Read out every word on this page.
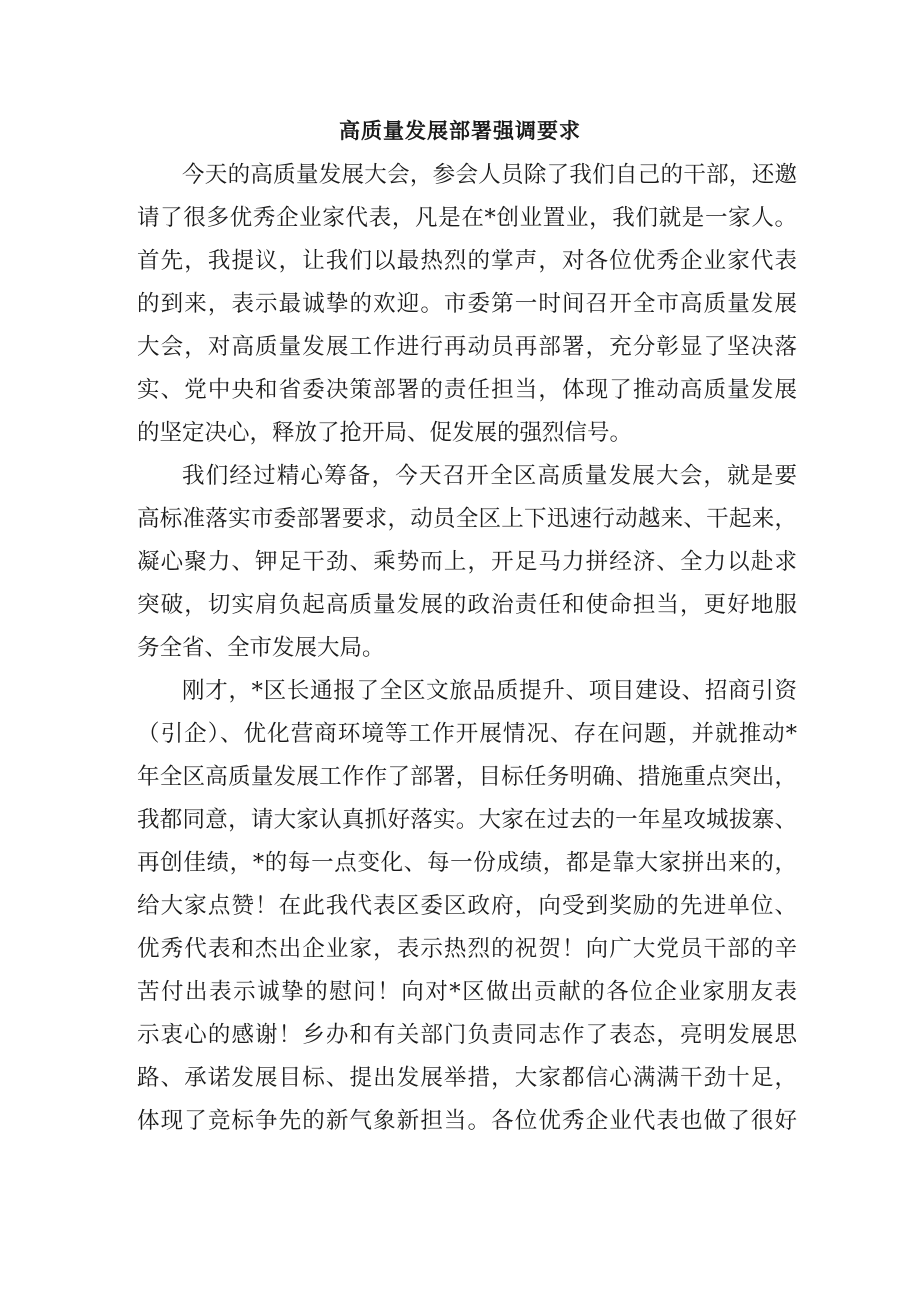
高质量发展部署强调要求
今天的高质量发展大会，参会人员除了我们自己的干部，还邀
请了很多优秀企业家代表，凡是在*创业置业，我们就是一家人。
首先，我提议，让我们以最热烈的掌声，对各位优秀企业家代表
的到来，表示最诚挚的欢迎。市委第一时间召开全市高质量发展
大会，对高质量发展工作进行再动员再部署，充分彰显了坚决落
实、党中央和省委决策部署的责任担当，体现了推动高质量发展
的坚定决心，释放了抢开局、促发展的强烈信号。
我们经过精心筹备，今天召开全区高质量发展大会，就是要
高标准落实市委部署要求，动员全区上下迅速行动越来、干起来，
凝心聚力、钾足干劲、乘势而上，开足马力拼经济、全力以赴求
突破，切实肩负起高质量发展的政治责任和使命担当，更好地服
务全省、全市发展大局。
刚才，*区长通报了全区文旅品质提升、项目建设、招商引资
（引企）、优化营商环境等工作开展情况、存在问题，并就推动*
年全区高质量发展工作作了部署，目标任务明确、措施重点突出，
我都同意，请大家认真抓好落实。大家在过去的一年星攻城拔寨、
再创佳绩，*的每一点变化、每一份成绩，都是靠大家拼出来的，
给大家点赞！在此我代表区委区政府，向受到奖励的先进单位、
优秀代表和杰出企业家，表示热烈的祝贺！向广大党员干部的辛
苦付出表示诚挚的慰问！向对*区做出贡献的各位企业家朋友表
示衷心的感谢！乡办和有关部门负责同志作了表态，亮明发展思
路、承诺发展目标、提出发展举措，大家都信心满满干劲十足，
体现了竞标争先的新气象新担当。各位优秀企业代表也做了很好
